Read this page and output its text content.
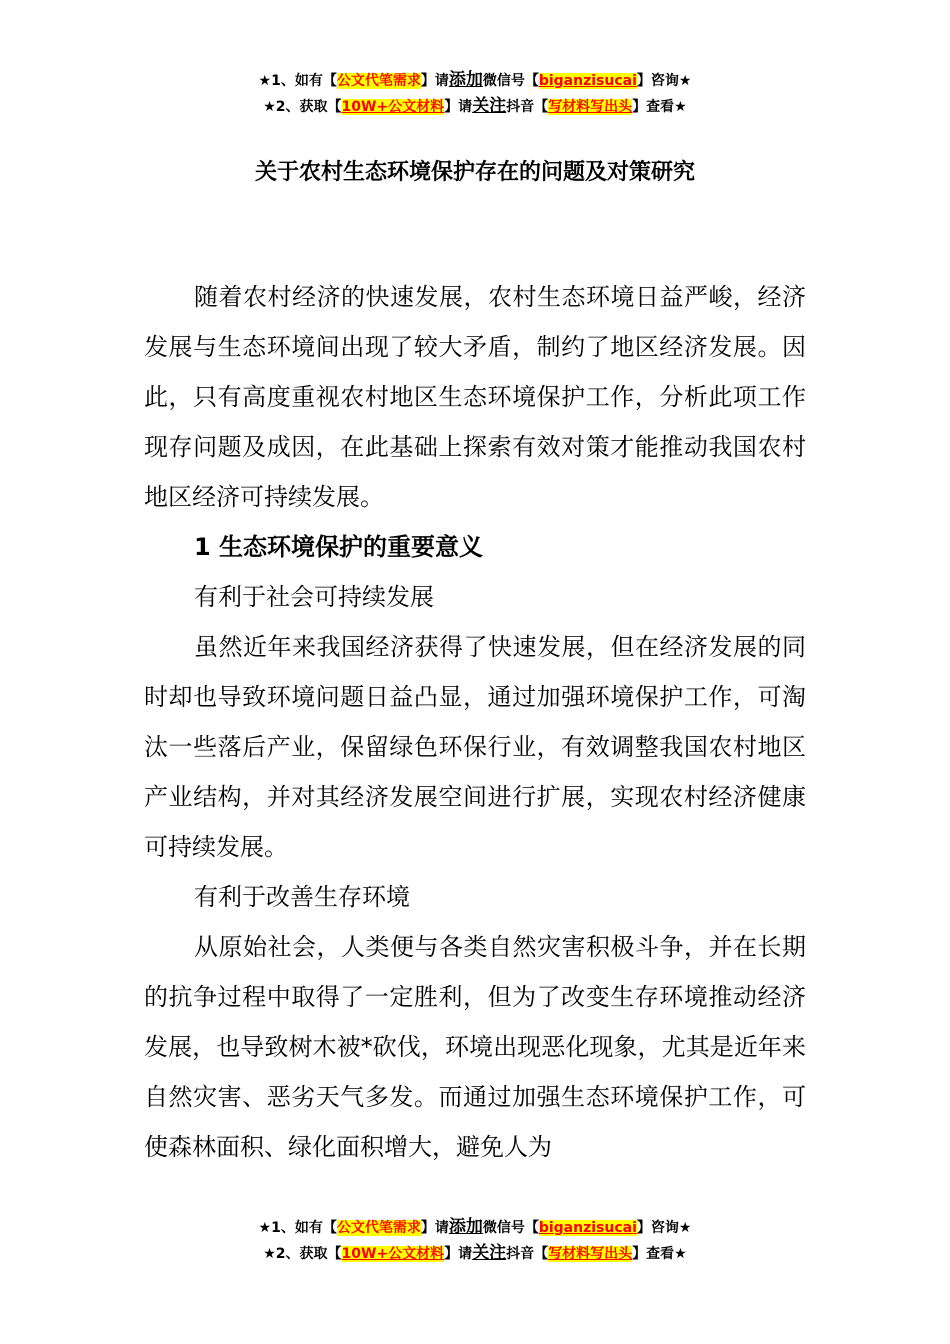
★1、如有【公文代笔需求】请添加微信号【biganzisucai】咨询★
★2、获取【10W+公文材料】请关注抖音【写材料写出头】查看★
关于农村生态环境保护存在的问题及对策研究

随着农村经济的快速发展，农村生态环境日益严峻，经济发展与生态环境间出现了较大矛盾，制约了地区经济发展。因此，只有高度重视农村地区生态环境保护工作，分析此项工作现存问题及成因，在此基础上探索有效对策才能推动我国农村地区经济可持续发展。

1 生态环境保护的重要意义

有利于社会可持续发展

虽然近年来我国经济获得了快速发展，但在经济发展的同时却也导致环境问题日益凸显，通过加强环境保护工作，可淘汰一些落后产业，保留绿色环保行业，有效调整我国农村地区产业结构，并对其经济发展空间进行扩展，实现农村经济健康可持续发展。

有利于改善生存环境

从原始社会，人类便与各类自然灾害积极斗争，并在长期的抗争过程中取得了一定胜利，但为了改变生存环境推动经济发展，也导致树木被*砍伐，环境出现恶化现象，尤其是近年来自然灾害、恶劣天气多发。而通过加强生态环境保护工作，可使森林面积、绿化面积增大，避免人为

★1、如有【公文代笔需求】请添加微信号【biganzisucai】咨询★
★2、获取【10W+公文材料】请关注抖音【写材料写出头】查看★
